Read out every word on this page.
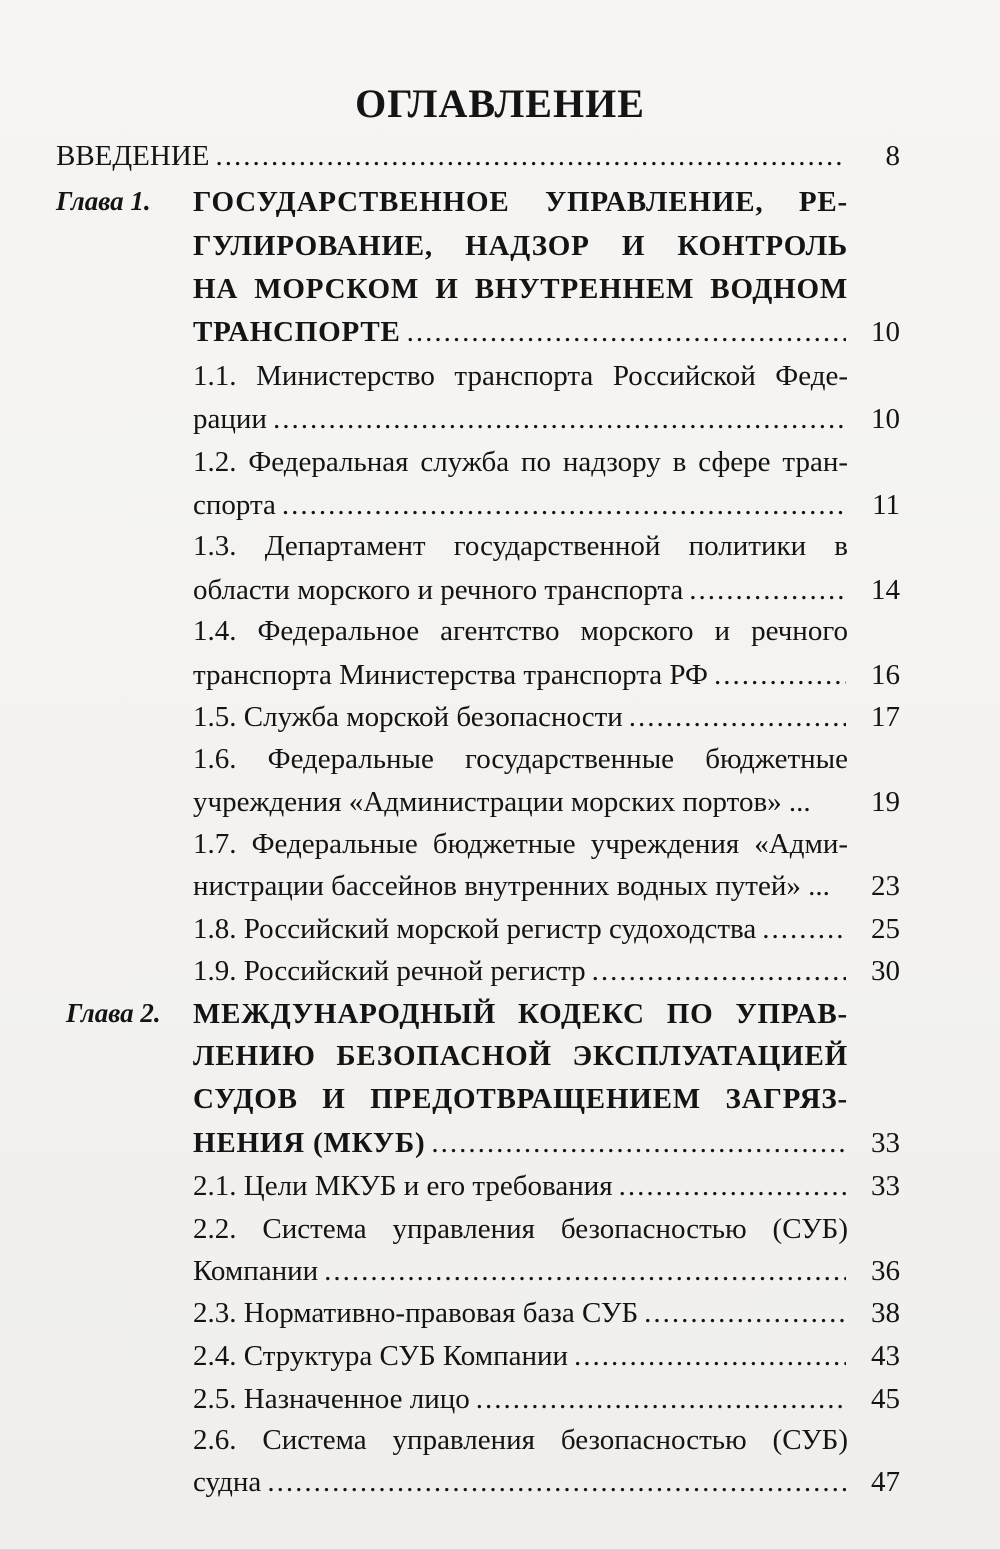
ОГЛАВЛЕНИЕ
ВВЕДЕНИЕ .....	8
Глава 1. ГОСУДАРСТВЕННОЕ УПРАВЛЕНИЕ, РЕ-
ГУЛИРОВАНИЕ, НАДЗОР И КОНТРОЛЬ
НА МОРСКОМ И ВНУТРЕННЕМ ВОДНОМ
ТРАНСПОРТЕ .....	10
1.1. Министерство транспорта Российской Феде-
рации .....	10
1.2. Федеральная служба по надзору в сфере тран-
спорта .....	11
1.3. Департамент государственной политики в
области морского и речного транспорта .....	14
1.4. Федеральное агентство морского и речного
транспорта Министерства транспорта РФ .....	16
1.5. Служба морской безопасности .....	17
1.6. Федеральные государственные бюджетные
учреждения «Администрации морских портов» ...	19
1.7. Федеральные бюджетные учреждения «Адми-
нистрации бассейнов внутренних водных путей» ...	23
1.8. Российский морской регистр судоходства .....	25
1.9. Российский речной регистр .....	30
Глава 2. МЕЖДУНАРОДНЫЙ КОДЕКС ПО УПРАВ-
ЛЕНИЮ БЕЗОПАСНОЙ ЭКСПЛУАТАЦИЕЙ
СУДОВ И ПРЕДОТВРАЩЕНИЕМ ЗАГРЯЗ-
НЕНИЯ (МКУБ) .....	33
2.1. Цели МКУБ и его требования .....	33
2.2. Система управления безопасностью (СУБ)
Компании .....	36
2.3. Нормативно-правовая база СУБ .....	38
2.4. Структура СУБ Компании .....	43
2.5. Назначенное лицо .....	45
2.6. Система управления безопасностью (СУБ)
судна .....	47
